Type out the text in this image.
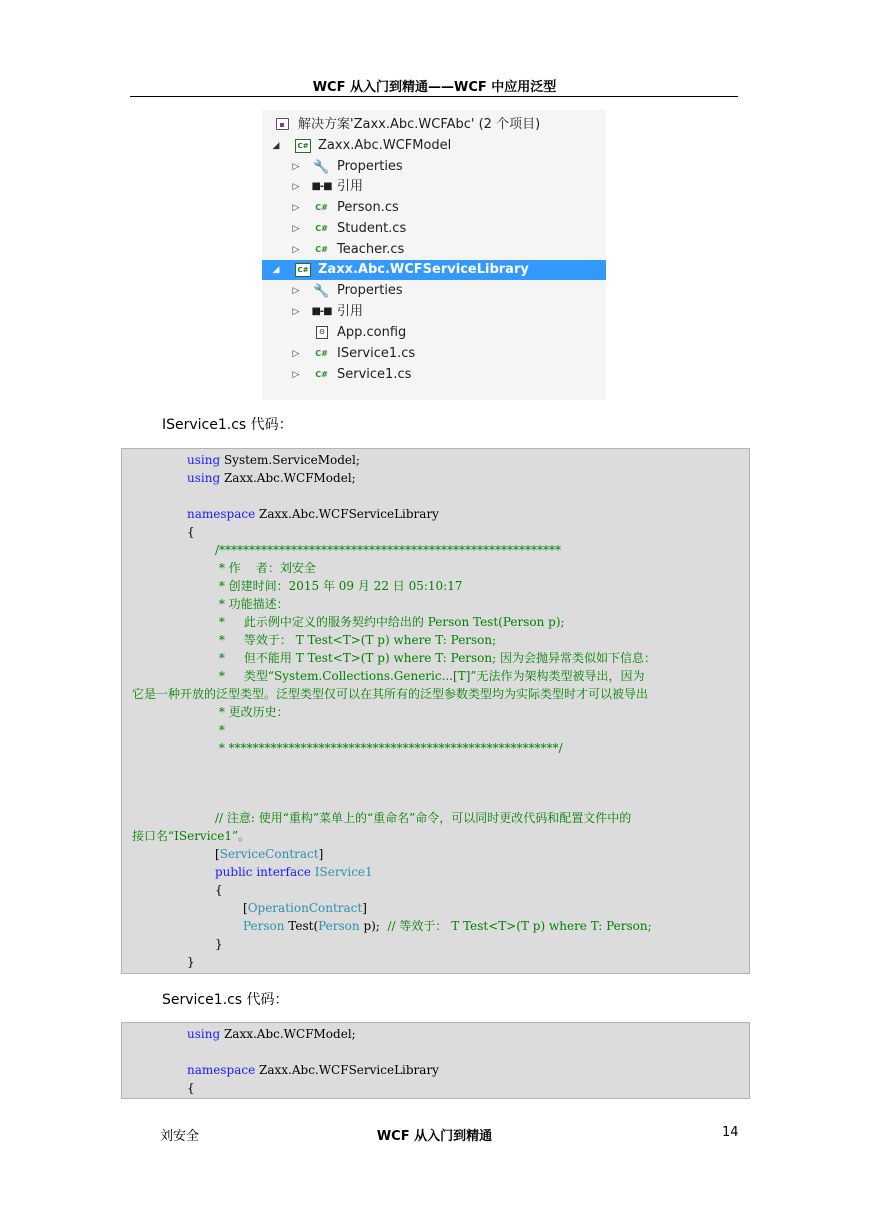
WCF 从入门到精通——WCF 中应用泛型
解决方案'Zaxx.Abc.WCFAbc' (2 个项目)
◢	C# Zaxx.Abc.WCFModel
▷ 🔧 Properties
▷ ■-■ 引用
▷	C# Person.cs
▷	C# Student.cs
▷	C# Teacher.cs
◢	C# Zaxx.Abc.WCFServiceLibrary
▷ 🔧 Properties
▷ ■-■ 引用
⚙ App.config
▷	C# IService1.cs
▷	C# Service1.cs
IService1.cs 代码：
using System.ServiceModel;
using Zaxx.Abc.WCFModel;
namespace Zaxx.Abc.WCFServiceLibrary
{
/*********************************************************
* 作    者：刘安全
* 创建时间：2015 年 09 月 22 日 05:10:17
* 功能描述：
*     此示例中定义的服务契约中给出的 Person Test(Person p);
*     等效于： T Test<T>(T p) where T: Person;
*     但不能用 T Test<T>(T p) where T: Person; 因为会抛异常类似如下信息：
*     类型“System.Collections.Generic...[T]”无法作为架构类型被导出，因为
它是一种开放的泛型类型。泛型类型仅可以在其所有的泛型参数类型均为实际类型时才可以被导出
* 更改历史：
*
* *******************************************************/
// 注意: 使用“重构”菜单上的“重命名”命令，可以同时更改代码和配置文件中的
接口名“IService1”。
[ServiceContract]
public interface IService1
{
[OperationContract]
Person Test(Person p);  // 等效于： T Test<T>(T p) where T: Person;
}
}
Service1.cs 代码：
using Zaxx.Abc.WCFModel;
namespace Zaxx.Abc.WCFServiceLibrary
{
刘安全	WCF 从入门到精通	14
